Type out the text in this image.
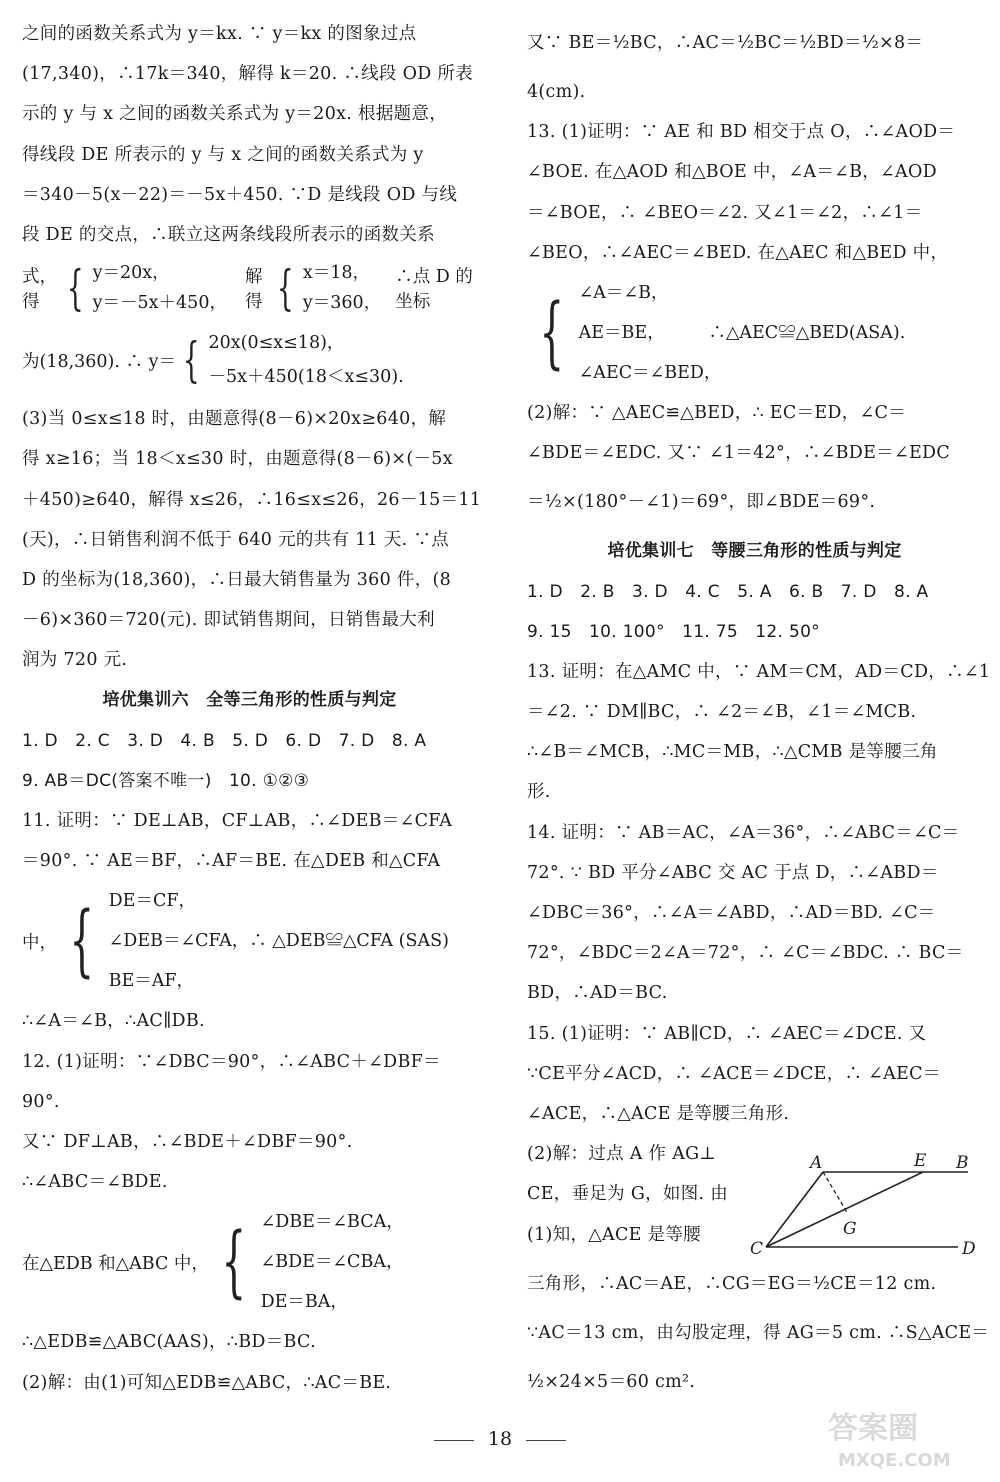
之间的函数关系式为 y＝kx. ∵ y＝kx 的图象过点
(17,340)，∴17k＝340，解得 k＝20. ∴线段 OD 所表
示的 y 与 x 之间的函数关系式为 y＝20x. 根据题意，
得线段 DE 所表示的 y 与 x 之间的函数关系式为 y
＝340－5(x－22)＝－5x＋450. ∵D 是线段 OD 与线
段 DE 的交点，∴联立这两条线段所表示的函数关系
式，得 { y＝20x，
y＝－5x＋450，
解得 { x＝18，
y＝360，
∴点 D 的坐标
为(18,360). ∴ y＝ { 20x(0≤x≤18)，
－5x＋450(18＜x≤30).
(3)当 0≤x≤18 时，由题意得(8－6)×20x≥640，解
得 x≥16；当 18＜x≤30 时，由题意得(8－6)×(－5x
＋450)≥640，解得 x≤26，∴16≤x≤26，26－15＝11
(天)，∴日销售利润不低于 640 元的共有 11 天. ∵点
D 的坐标为(18,360)，∴日最大销售量为 360 件，(8
－6)×360＝720(元). 即试销售期间，日销售最大利
润为 720 元.
培优集训六　全等三角形的性质与判定
1. D　2. C　3. D　4. B　5. D　6. D　7. D　8. A
9. AB＝DC(答案不唯一)　10. ①②③
11. 证明：∵ DE⊥AB，CF⊥AB，∴∠DEB＝∠CFA
＝90°. ∵ AE＝BF，∴AF＝BE. 在△DEB 和△CFA
中， { DE＝CF，
∠DEB＝∠CFA，∴ △DEB≌△CFA (SAS)
BE＝AF，
∴∠A＝∠B，∴AC∥DB.
12. (1)证明：∵∠DBC＝90°，∴∠ABC＋∠DBF＝
90°.
又∵ DF⊥AB，∴∠BDE＋∠DBF＝90°.
∴∠ABC＝∠BDE.
在△EDB 和△ABC 中， { ∠DBE＝∠BCA，
∠BDE＝∠CBA，
DE＝BA，
∴△EDB≌△ABC(AAS)，∴BD＝BC.
(2)解：由(1)可知△EDB≌△ABC，∴AC＝BE.
又∵ BE＝½BC，∴AC＝½BC＝½BD＝½×8＝
4(cm).
13. (1)证明：∵ AE 和 BD 相交于点 O，∴∠AOD＝
∠BOE. 在△AOD 和△BOE 中，∠A＝∠B，∠AOD
＝∠BOE，∴ ∠BEO＝∠2. 又∠1＝∠2，∴∠1＝
∠BEO，∴∠AEC＝∠BED. 在△AEC 和△BED 中，
{ ∠A＝∠B，
AE＝BE，　　　∴△AEC≌△BED(ASA).
∠AEC＝∠BED，
(2)解：∵ △AEC≌△BED，∴ EC＝ED，∠C＝
∠BDE＝∠EDC. 又∵ ∠1＝42°，∴∠BDE＝∠EDC
＝½×(180°－∠1)＝69°，即∠BDE＝69°.
培优集训七　等腰三角形的性质与判定
1. D　2. B　3. D　4. C　5. A　6. B　7. D　8. A
9. 15　10. 100°　11. 75　12. 50°
13. 证明：在△AMC 中，∵ AM＝CM，AD＝CD，∴∠1
＝∠2. ∵ DM∥BC，∴ ∠2＝∠B，∠1＝∠MCB.
∴∠B＝∠MCB，∴MC＝MB，∴△CMB 是等腰三角
形.
14. 证明：∵ AB＝AC，∠A＝36°，∴∠ABC＝∠C＝
72°. ∵ BD 平分∠ABC 交 AC 于点 D，∴∠ABD＝
∠DBC＝36°，∴∠A＝∠ABD，∴AD＝BD. ∠C＝
72°，∠BDC＝2∠A＝72°，∴ ∠C＝∠BDC. ∴ BC＝
BD，∴AD＝BC.
15. (1)证明：∵ AB∥CD，∴ ∠AEC＝∠DCE. 又
∵CE平分∠ACD，∴ ∠ACE＝∠DCE，∴ ∠AEC＝
∠ACE，∴△ACE 是等腰三角形.
(2)解：过点 A 作 AG⊥
CE，垂足为 G，如图. 由
(1)知，△ACE 是等腰
三角形，∴AC＝AE，∴CG＝EG＝½CE＝12 cm.
∵AC＝13 cm，由勾股定理，得 AG＝5 cm. ∴S△ACE＝
½×24×5＝60 cm².
A	E B
G
C	D
18	答案圈
MXQE.COM
